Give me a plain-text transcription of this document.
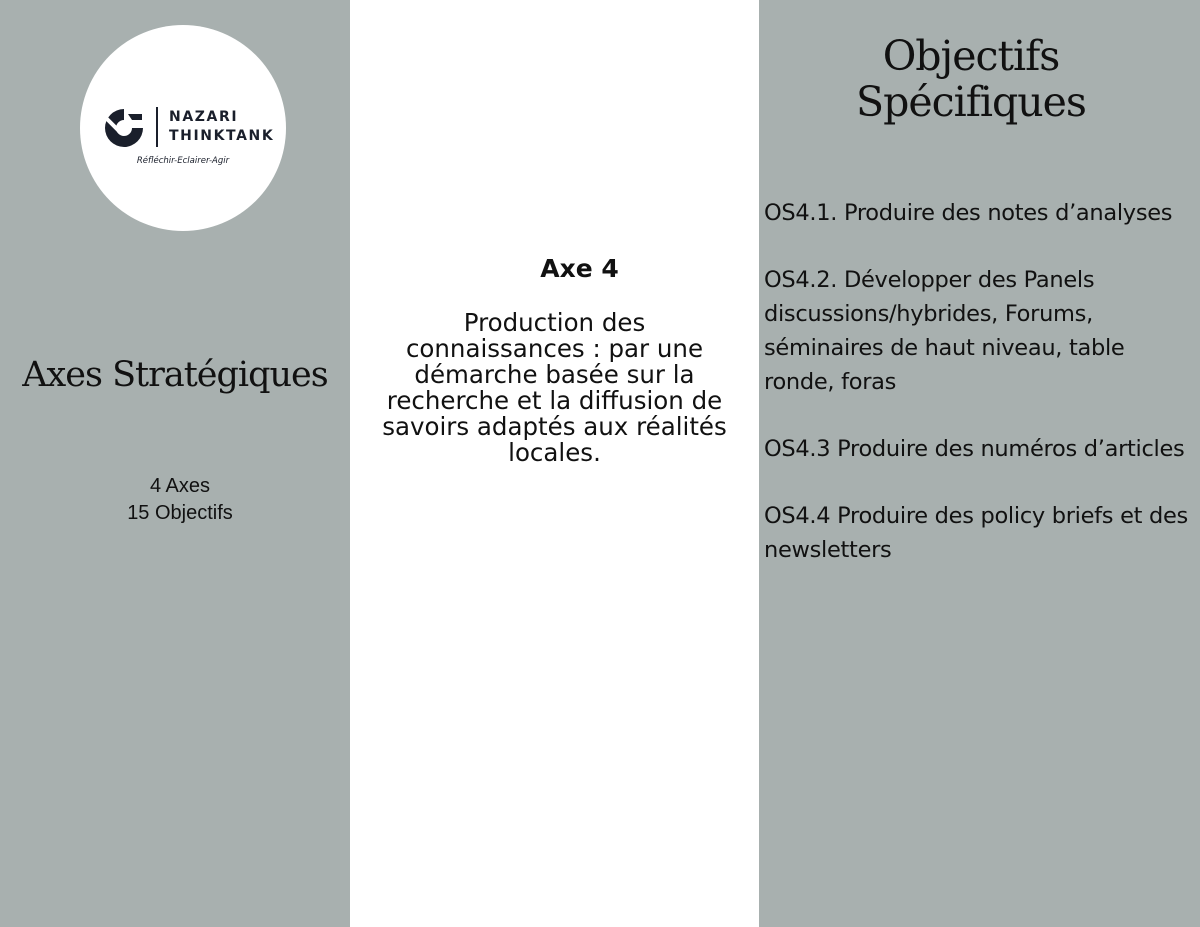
NAZARI
THINKTANK
Réfléchir-Eclairer-Agir
Axes Stratégiques
4 Axes
15 Objectifs
Axe 4
Production des connaissances : par une démarche basée sur la recherche et la diffusion de savoirs adaptés aux réalités locales.
Objectifs
Spécifiques
OS4.1. Produire des notes d’analyses
OS4.2. Développer des Panels discussions/hybrides, Forums, séminaires de haut niveau, table ronde, foras
OS4.3 Produire des numéros d’articles
OS4.4 Produire des policy briefs et des newsletters
